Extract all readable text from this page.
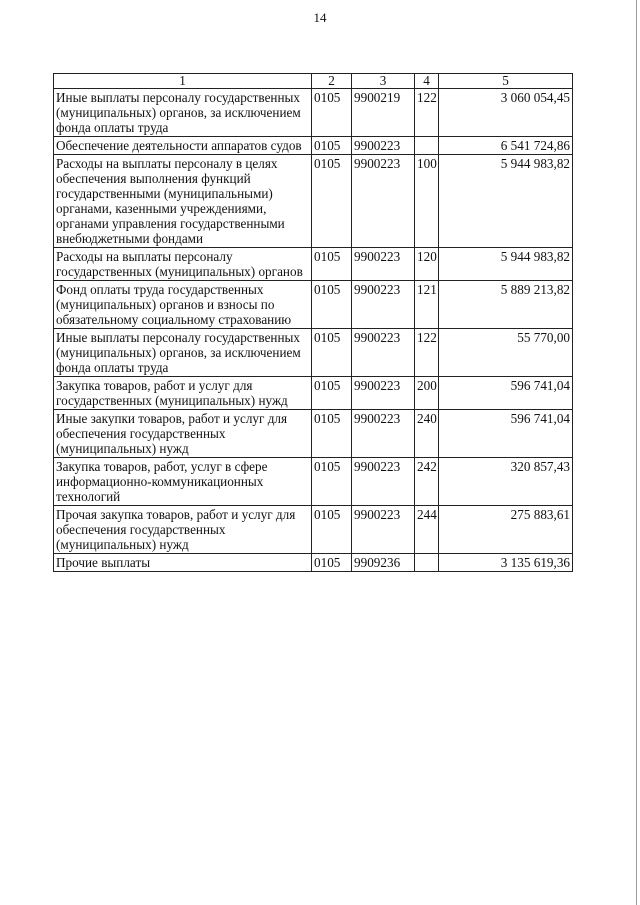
14
1	2	3	4	5
Иные выплаты персоналу государственных (муниципальных) органов, за исключением фонда оплаты труда	0105	9900219	122	3 060 054,45
Обеспечение деятельности аппаратов судов	0105	9900223		6 541 724,86
Расходы на выплаты персоналу в целях обеспечения выполнения функций государственными (муниципальными) органами, казенными учреждениями, органами управления государственными внебюджетными фондами	0105	9900223	100	5 944 983,82
Расходы на выплаты персоналу государственных (муниципальных) органов	0105	9900223	120	5 944 983,82
Фонд оплаты труда государственных (муниципальных) органов и взносы по обязательному социальному страхованию	0105	9900223	121	5 889 213,82
Иные выплаты персоналу государственных (муниципальных) органов, за исключением фонда оплаты труда	0105	9900223	122	55 770,00
Закупка товаров, работ и услуг для государственных (муниципальных) нужд	0105	9900223	200	596 741,04
Иные закупки товаров, работ и услуг для обеспечения государственных (муниципальных) нужд	0105	9900223	240	596 741,04
Закупка товаров, работ, услуг в сфере информационно-коммуникационных технологий	0105	9900223	242	320 857,43
Прочая закупка товаров, работ и услуг для обеспечения государственных (муниципальных) нужд	0105	9900223	244	275 883,61
Прочие выплаты	0105	9909236		3 135 619,36
